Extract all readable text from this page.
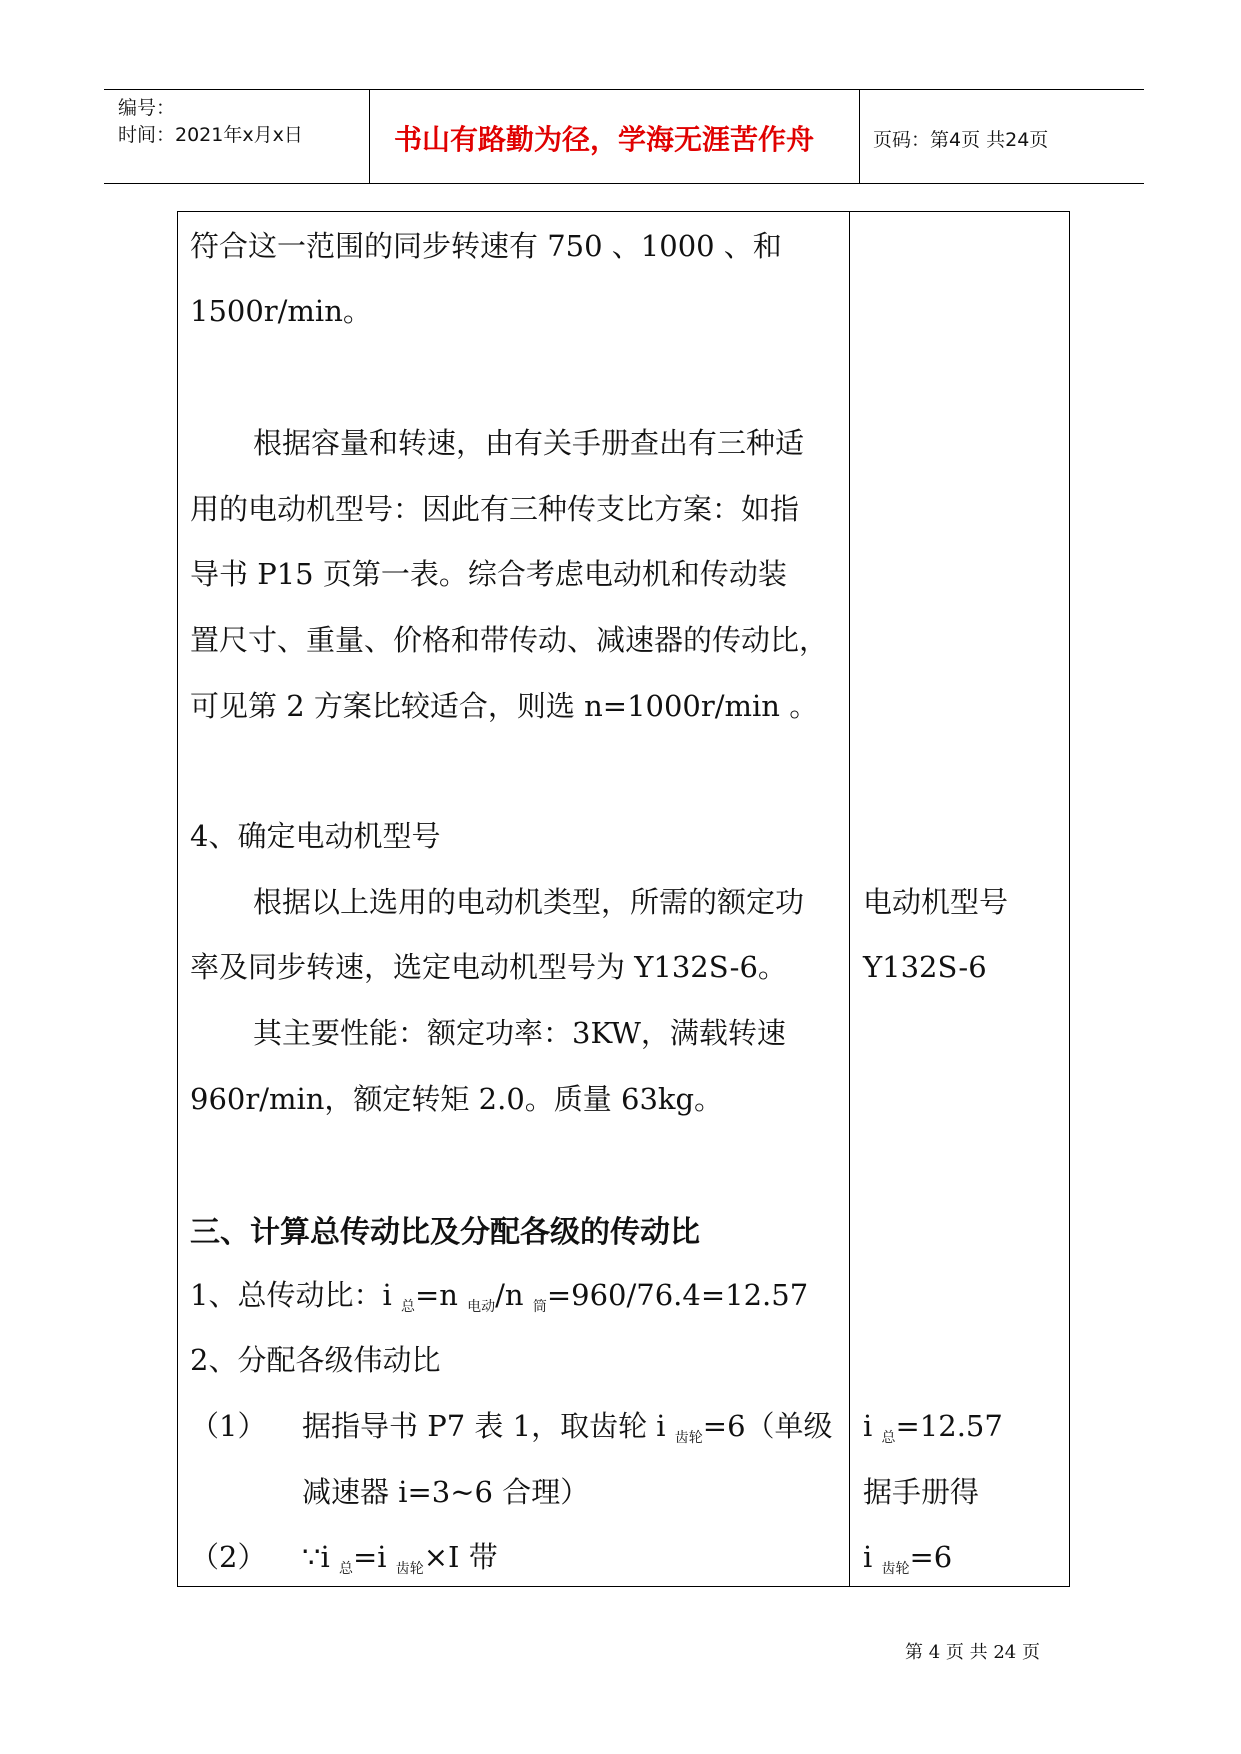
编号：
时间：2021年x月x日	书山有路勤为径，学海无涯苦作舟	页码：第4页 共24页
符合这一范围的同步转速有 750 、1000 、和
1500r/min。
根据容量和转速，由有关手册查出有三种适
用的电动机型号：因此有三种传支比方案：如指
导书 P15 页第一表。综合考虑电动机和传动装
置尺寸、重量、价格和带传动、减速器的传动比，
可见第 2 方案比较适合，则选 n=1000r/min 。
4、确定电动机型号
根据以上选用的电动机类型，所需的额定功
率及同步转速，选定电动机型号为 Y132S-6。
其主要性能：额定功率：3KW，满载转速
960r/min，额定转矩 2.0。质量 63kg。
三、计算总传动比及分配各级的传动比
1、总传动比：i $_总$=n $_{电动}$/n $_筒$=960/76.4=12.57
2、分配各级伟动比
（1） 据指导书 P7 表 1，取齿轮 i $_{齿轮}$=6（单级
减速器 i=3~6 合理）
（2） ∵i $_总$=i $_{齿轮}$×I 带
电动机型号
Y132S-6
i $_总$=12.57
据手册得
i $_{齿轮}$=6
第 4 页 共 24 页
